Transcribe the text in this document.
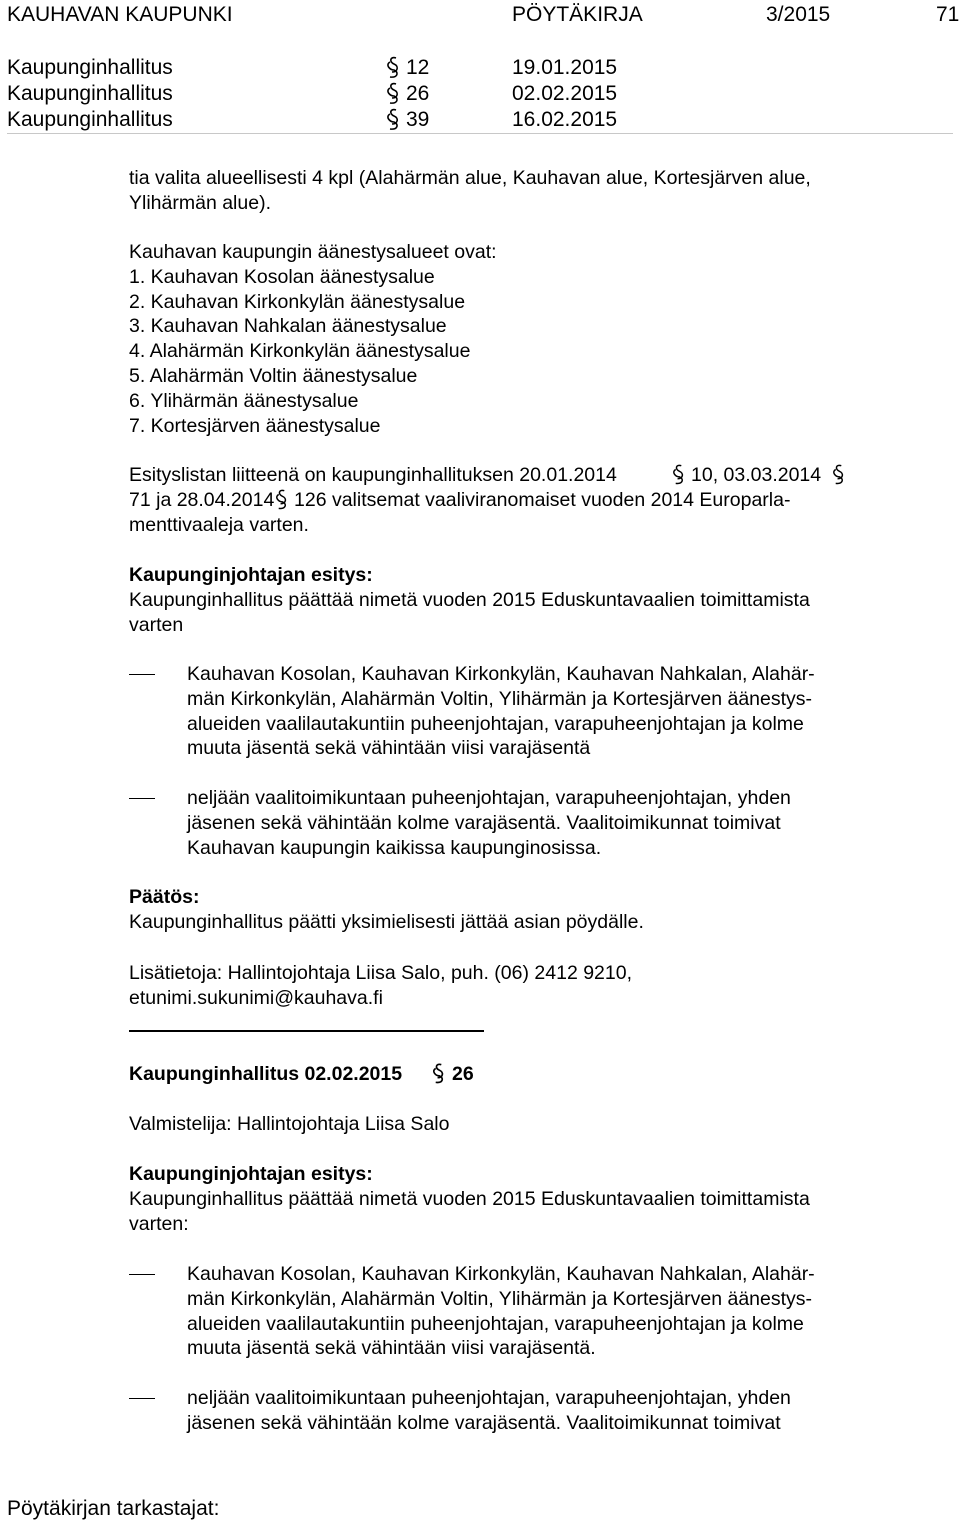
KAUHAVAN KAUPUNKI	PÖYTÄKIRJA	3/2015	71
Kaupunginhallitus	12	19.01.2015
Kaupunginhallitus	26	02.02.2015
Kaupunginhallitus	39	16.02.2015
tia valita alueellisesti 4 kpl (Alahärmän alue, Kauhavan alue, Kortesjärven alue,
Ylihärmän alue).
Kauhavan kaupungin äänestysalueet ovat:
1. Kauhavan Kosolan äänestysalue
2. Kauhavan Kirkonkylän äänestysalue
3. Kauhavan Nahkalan äänestysalue
4. Alahärmän Kirkonkylän äänestysalue
5. Alahärmän Voltin äänestysalue
6. Ylihärmän äänestysalue
7. Kortesjärven äänestysalue
Esityslistan liitteenä on kaupunginhallituksen 20.01.2014	10, 03.03.2014
71 ja 28.04.2014 126 valitsemat vaaliviranomaiset vuoden 2014 Europarla-
menttivaaleja varten.
Kaupunginjohtajan esitys:
Kaupunginhallitus päättää nimetä vuoden 2015 Eduskuntavaalien toimittamista
varten
Kauhavan Kosolan, Kauhavan Kirkonkylän, Kauhavan Nahkalan, Alahär-
män Kirkonkylän, Alahärmän Voltin, Ylihärmän ja Kortesjärven äänestys-
alueiden vaalilautakuntiin puheenjohtajan, varapuheenjohtajan ja kolme
muuta jäsentä sekä vähintään viisi varajäsentä
neljään vaalitoimikuntaan puheenjohtajan, varapuheenjohtajan, yhden
jäsenen sekä vähintään kolme varajäsentä. Vaalitoimikunnat toimivat
Kauhavan kaupungin kaikissa kaupunginosissa.
Päätös:
Kaupunginhallitus päätti yksimielisesti jättää asian pöydälle.
Lisätietoja: Hallintojohtaja Liisa Salo, puh. (06) 2412 9210,
etunimi.sukunimi@kauhava.fi
Kaupunginhallitus 02.02.2015	26
Valmistelija: Hallintojohtaja Liisa Salo
Kaupunginjohtajan esitys:
Kaupunginhallitus päättää nimetä vuoden 2015 Eduskuntavaalien toimittamista
varten:
Kauhavan Kosolan, Kauhavan Kirkonkylän, Kauhavan Nahkalan, Alahär-
män Kirkonkylän, Alahärmän Voltin, Ylihärmän ja Kortesjärven äänestys-
alueiden vaalilautakuntiin puheenjohtajan, varapuheenjohtajan ja kolme
muuta jäsentä sekä vähintään viisi varajäsentä.
neljään vaalitoimikuntaan puheenjohtajan, varapuheenjohtajan, yhden
jäsenen sekä vähintään kolme varajäsentä. Vaalitoimikunnat toimivat
Pöytäkirjan tarkastajat:
